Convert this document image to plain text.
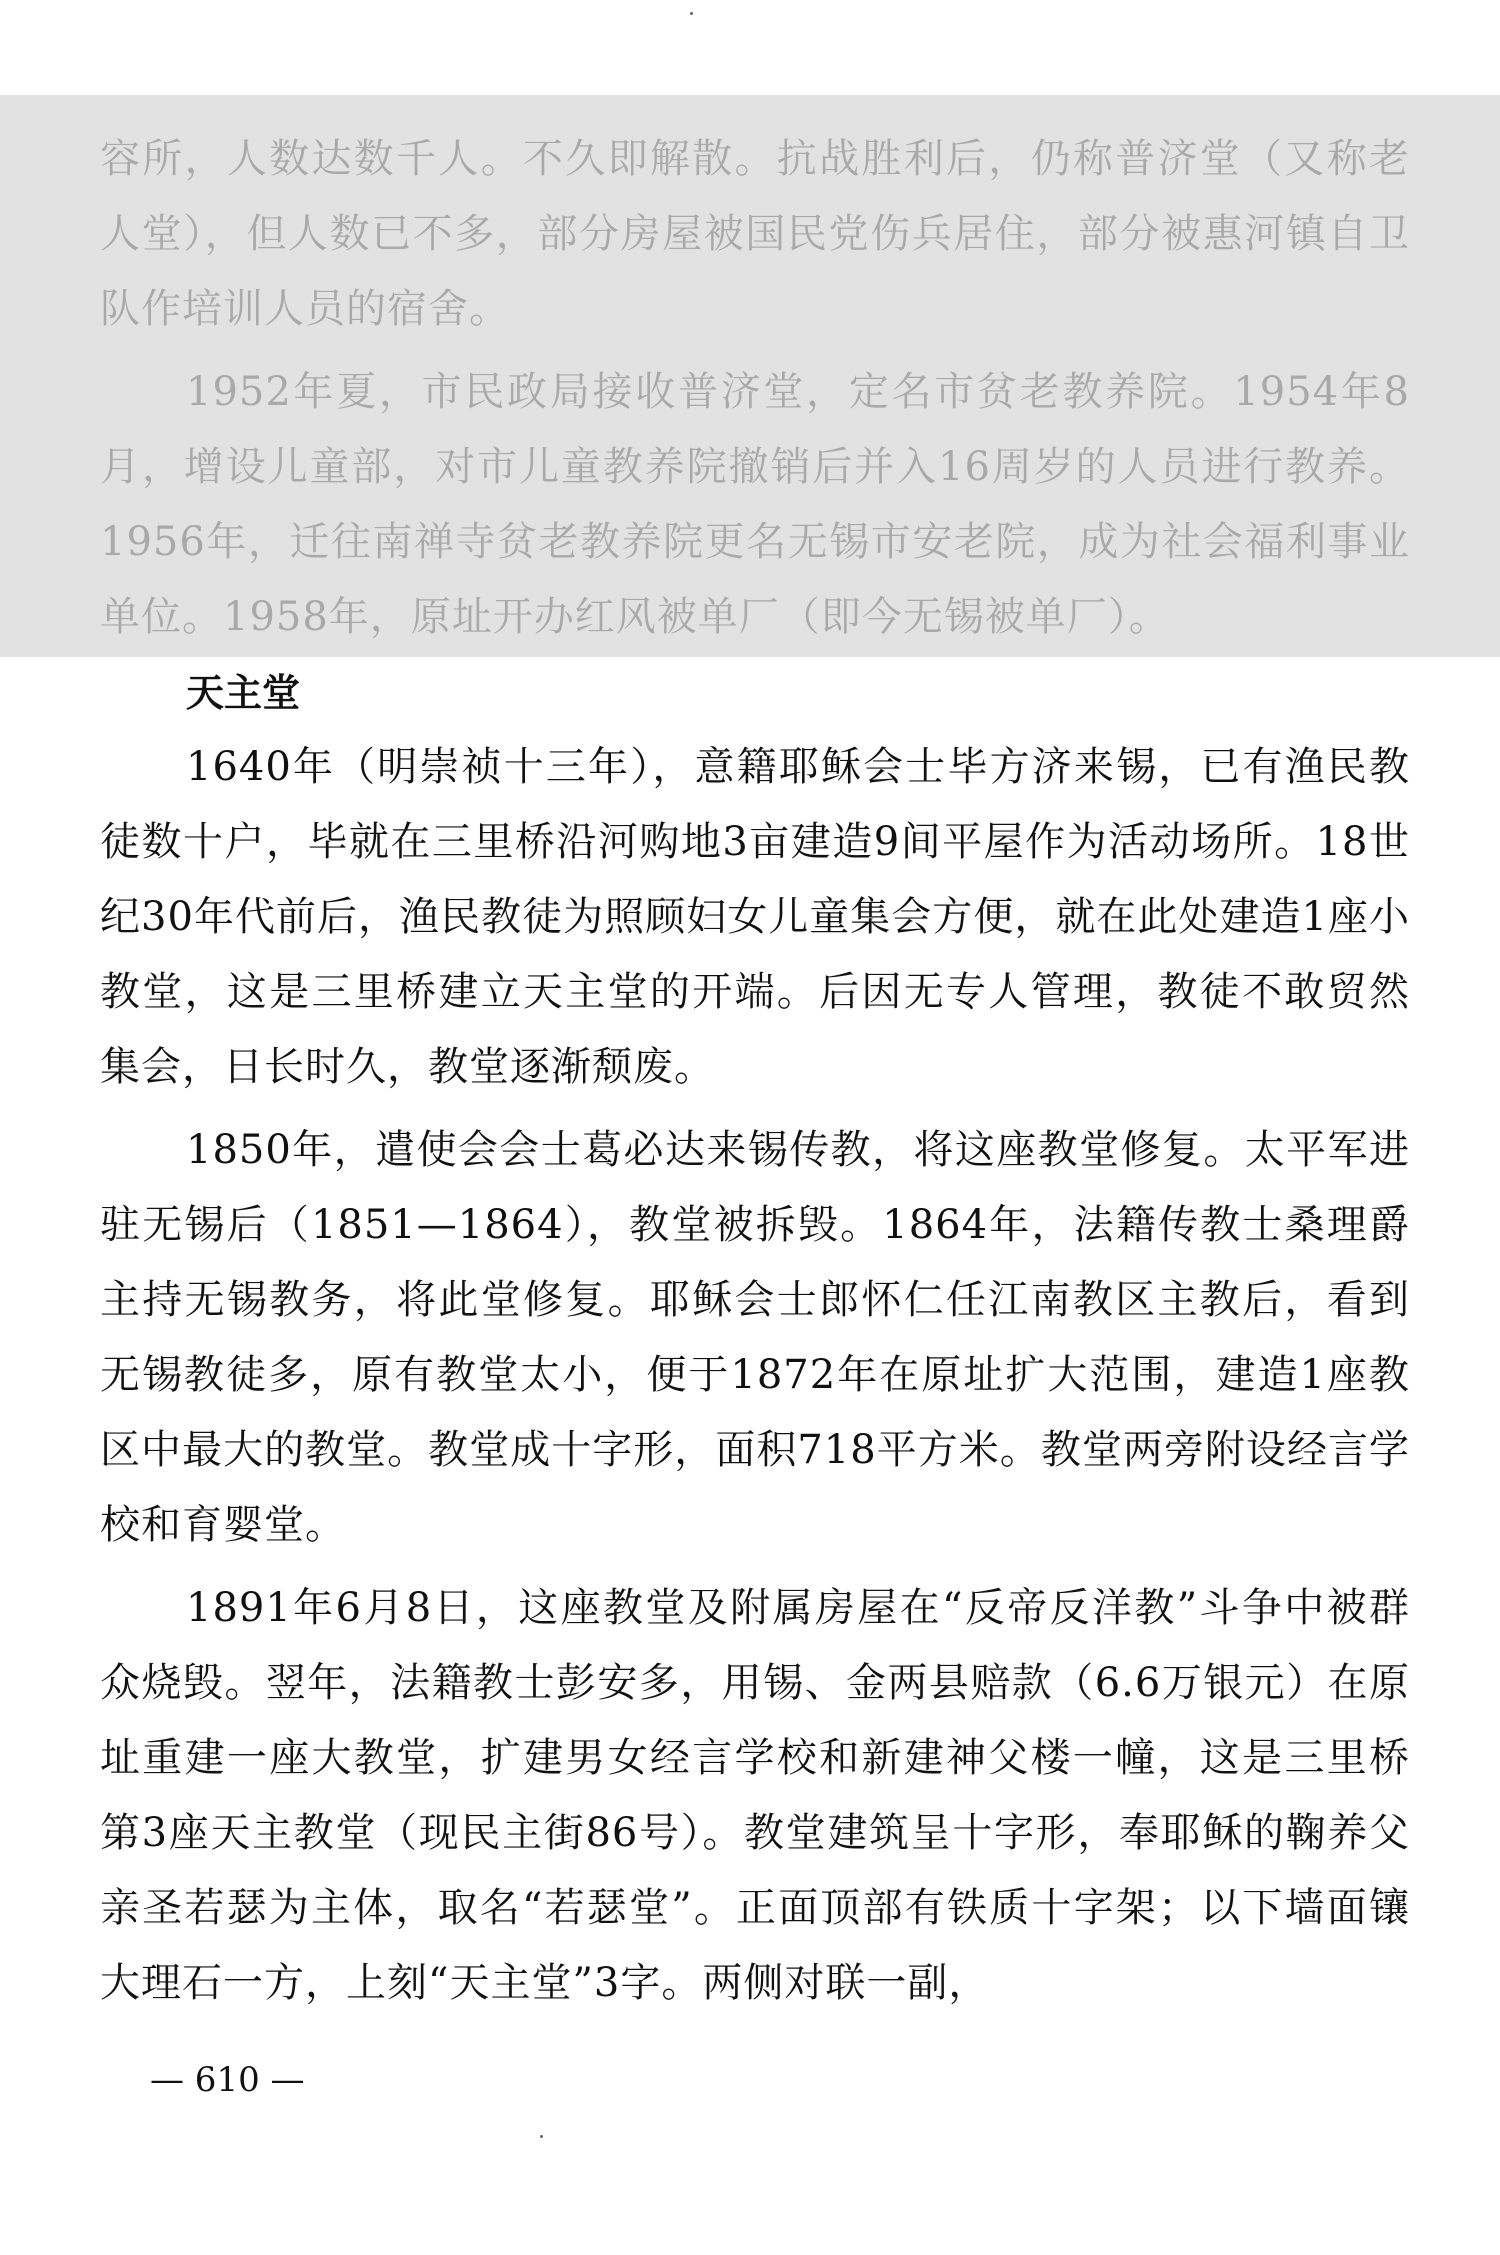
容所，人数达数千人。不久即解散。抗战胜利后，仍称普济堂（又称老人堂），但人数已不多，部分房屋被国民党伤兵居住，部分被惠河镇自卫队作培训人员的宿舍。

1952年夏，市民政局接收普济堂，定名市贫老教养院。1954年8月，增设儿童部，对市儿童教养院撤销后并入16周岁的人员进行教养。1956年，迁往南禅寺贫老教养院更名无锡市安老院，成为社会福利事业单位。1958年，原址开办红风被单厂（即今无锡被单厂）。

天主堂

1640年（明崇祯十三年），意籍耶稣会士毕方济来锡，已有渔民教徒数十户，毕就在三里桥沿河购地3亩建造9间平屋作为活动场所。18世纪30年代前后，渔民教徒为照顾妇女儿童集会方便，就在此处建造1座小教堂，这是三里桥建立天主堂的开端。后因无专人管理，教徒不敢贸然集会，日长时久，教堂逐渐颓废。

1850年，遣使会会士葛必达来锡传教，将这座教堂修复。太平军进驻无锡后（1851—1864），教堂被拆毁。1864年，法籍传教士桑理爵主持无锡教务，将此堂修复。耶稣会士郎怀仁任江南教区主教后，看到无锡教徒多，原有教堂太小，便于1872年在原址扩大范围，建造1座教区中最大的教堂。教堂成十字形，面积718平方米。教堂两旁附设经言学校和育婴堂。

1891年6月8日，这座教堂及附属房屋在“反帝反洋教”斗争中被群众烧毁。翌年，法籍教士彭安多，用锡、金两县赔款（6.6万银元）在原址重建一座大教堂，扩建男女经言学校和新建神父楼一幢，这是三里桥第3座天主教堂（现民主街86号）。教堂建筑呈十字形，奉耶稣的鞠养父亲圣若瑟为主体，取名“若瑟堂”。正面顶部有铁质十字架；以下墙面镶大理石一方，上刻“天主堂”3字。两侧对联一副，

— 610 —
